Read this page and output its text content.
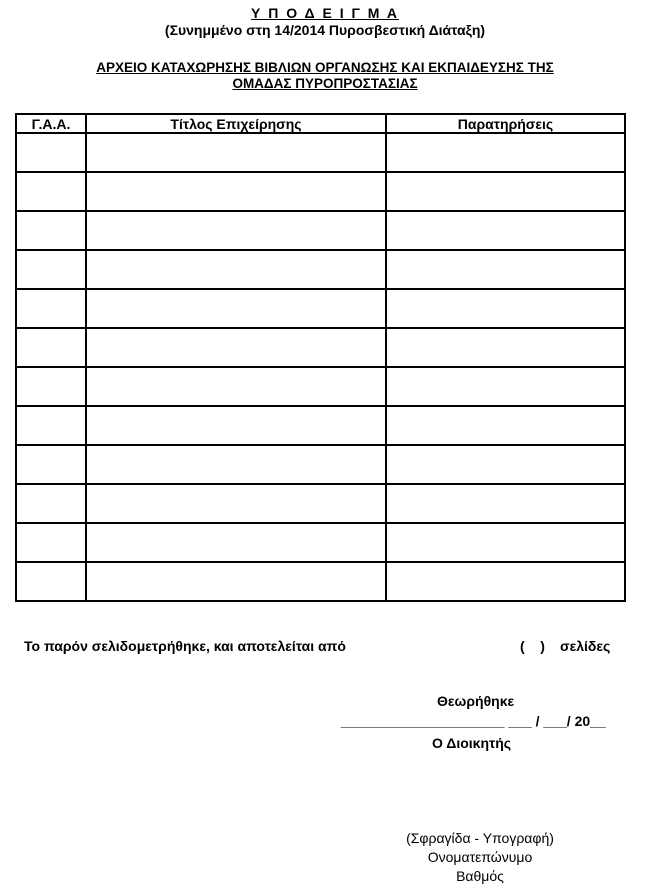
Υ Π Ο Δ Ε Ι Γ Μ Α
(Συνημμένο στη 14/2014 Πυροσβεστική Διάταξη)
ΑΡΧΕΙΟ ΚΑΤΑΧΩΡΗΣΗΣ ΒΙΒΛΙΩΝ ΟΡΓΑΝΩΣΗΣ ΚΑΙ ΕΚΠΑΙΔΕΥΣΗΣ ΤΗΣ
ΟΜΑΔΑΣ ΠΥΡΟΠΡΟΣΤΑΣΙΑΣ
Γ.Α.Α.	Τίτλος Επιχείρησης	Παρατηρήσεις

Το παρόν σελιδομετρήθηκε, και αποτελείται από	(    ) σελίδες
Θεωρήθηκε
_____________________ ___ / ___/ 20__
Ο Διοικητής
(Σφραγίδα - Υπογραφή)
Ονοματεπώνυμο
Βαθμός
